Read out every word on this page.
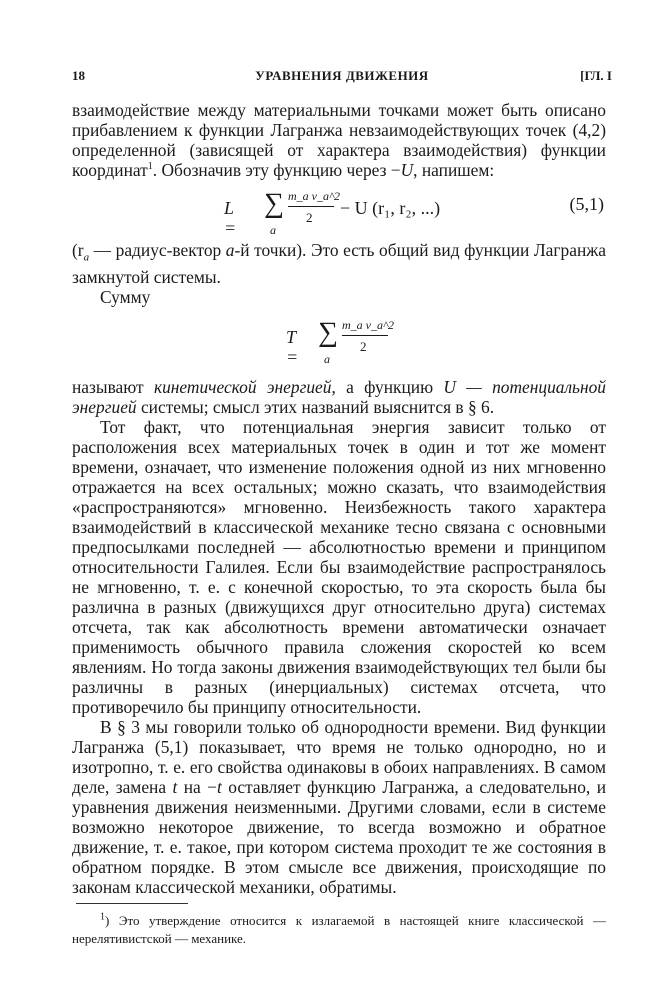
18	УРАВНЕНИЯ ДВИЖЕНИЯ	[ГЛ. I

взаимодействие между материальными точками может быть описано прибавлением к функции Лагранжа невзаимодействующих точек (4,2) определенной (зависящей от характера взаимодействия) функции координат$^1$. Обозначив эту функцию через −U, напишем:

L =
∑
a
m_a v_a^2
2 − U (r₁, r₂, ...)	(5,1)

($r_a$ — радиус-вектор a-й точки). Это есть общий вид функции Лагранжа замкнутой системы.

Сумму

T =
∑
a
m_a v_a^2
2

называют кинетической энергией, а функцию U — потенциальной энергией системы; смысл этих названий выяснится в § 6.

Тот факт, что потенциальная энергия зависит только от расположения всех материальных точек в один и тот же момент времени, означает, что изменение положения одной из них мгновенно отражается на всех остальных; можно сказать, что взаимодействия «распространяются» мгновенно. Неизбежность такого характера взаимодействий в классической механике тесно связана с основными предпосылками последней — абсолютностью времени и принципом относительности Галилея. Если бы взаимодействие распространялось не мгновенно, т. е. с конечной скоростью, то эта скорость была бы различна в разных (движущихся друг относительно друга) системах отсчета, так как абсолютность времени автоматически означает применимость обычного правила сложения скоростей ко всем явлениям. Но тогда законы движения взаимодействующих тел были бы различны в разных (инерциальных) системах отсчета, что противоречило бы принципу относительности.

В § 3 мы говорили только об однородности времени. Вид функции Лагранжа (5,1) показывает, что время не только однородно, но и изотропно, т. е. его свойства одинаковы в обоих направлениях. В самом деле, замена t на −t оставляет функцию Лагранжа, а следовательно, и уравнения движения неизменными. Другими словами, если в системе возможно некоторое движение, то всегда возможно и обратное движение, т. е. такое, при котором система проходит те же состояния в обратном порядке. В этом смысле все движения, происходящие по законам классической механики, обратимы.

$^1$) Это утверждение относится к излагаемой в настоящей книге классической — нерелятивистской — механике.
